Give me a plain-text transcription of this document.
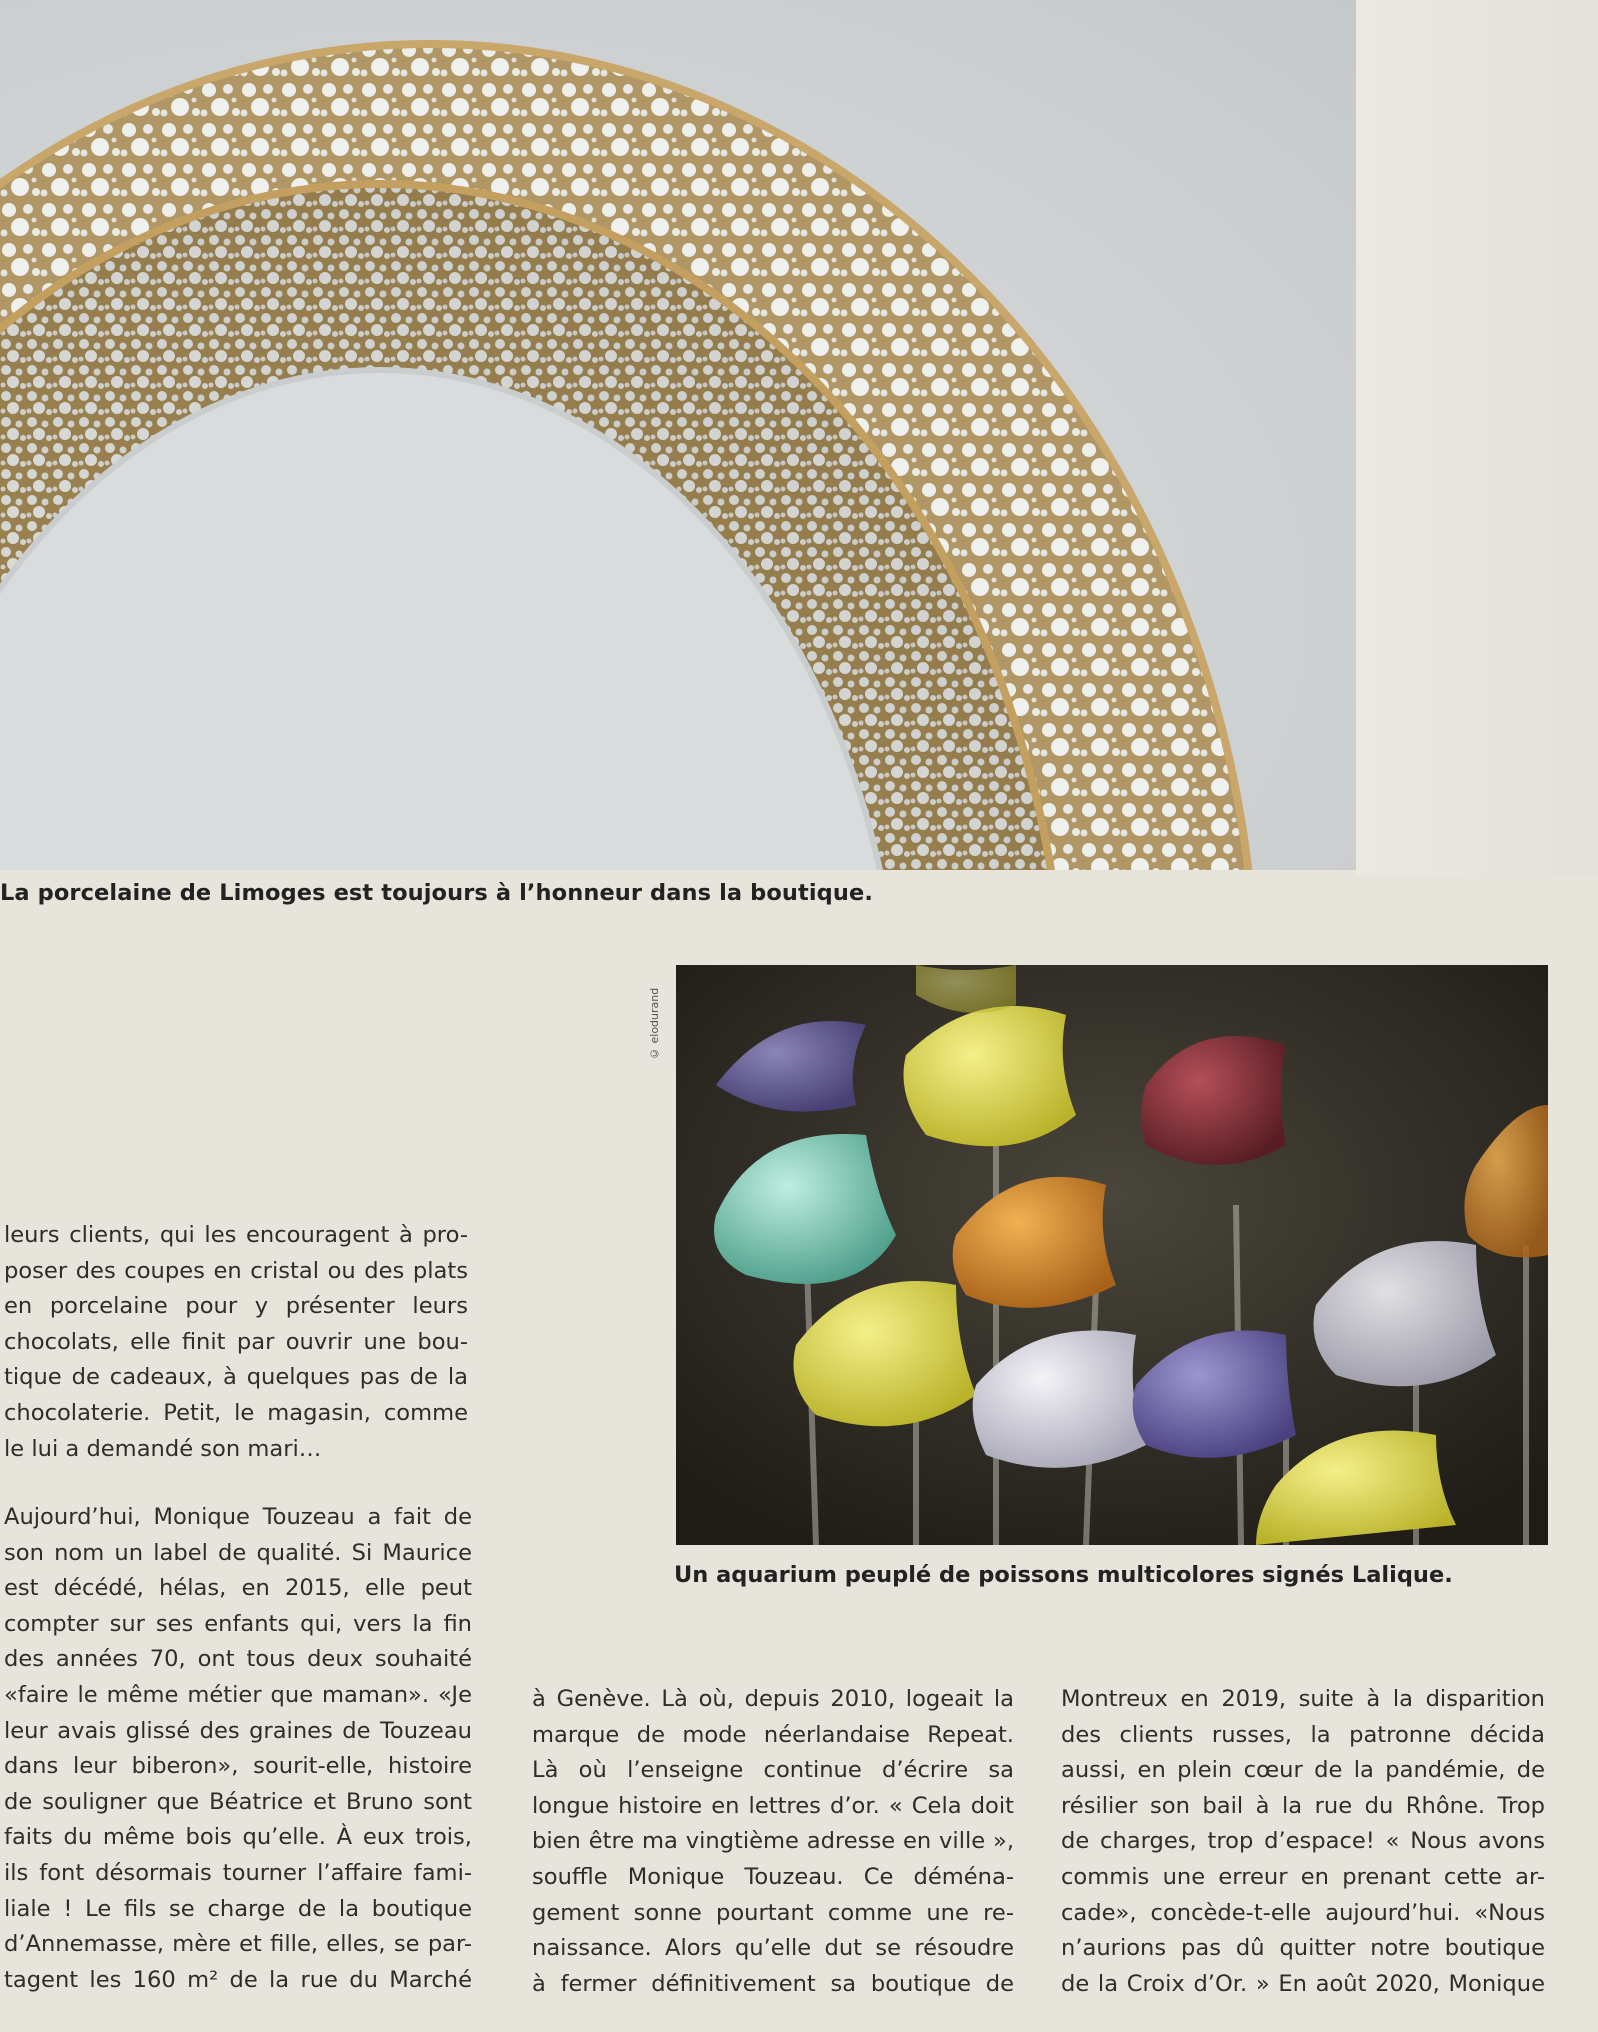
La porcelaine de Limoges est toujours à l’honneur dans la boutique.
© elodurand
Un aquarium peuplé de poissons multicolores signés Lalique.

leurs clients, qui les encouragent à pro-

poser des coupes en cristal ou des plats

en porcelaine pour y présenter leurs

chocolats, elle finit par ouvrir une bou-

tique de cadeaux, à quelques pas de la

chocolaterie. Petit, le magasin, comme

le lui a demandé son mari…

Aujourd’hui, Monique Touzeau a fait de

son nom un label de qualité. Si Maurice

est décédé, hélas, en 2015, elle peut

compter sur ses enfants qui, vers la fin

des années 70, ont tous deux souhaité

«faire le même métier que maman». «Je

leur avais glissé des graines de Touzeau

dans leur biberon», sourit-elle, histoire

de souligner que Béatrice et Bruno sont

faits du même bois qu’elle. À eux trois,

ils font désormais tourner l’affaire fami-

liale ! Le fils se charge de la boutique

d’Annemasse, mère et fille, elles, se par-

tagent les 160 m² de la rue du Marché

à Genève. Là où, depuis 2010, logeait la

marque de mode néerlandaise Repeat.

Là où l’enseigne continue d’écrire sa

longue histoire en lettres d’or. « Cela doit

bien être ma vingtième adresse en ville »,

souffle Monique Touzeau. Ce déména-

gement sonne pourtant comme une re-

naissance. Alors qu’elle dut se résoudre

à fermer définitivement sa boutique de

Montreux en 2019, suite à la disparition

des clients russes, la patronne décida

aussi, en plein cœur de la pandémie, de

résilier son bail à la rue du Rhône. Trop

de charges, trop d’espace! « Nous avons

commis une erreur en prenant cette ar-

cade», concède-t-elle aujourd’hui. «Nous

n’aurions pas dû quitter notre boutique

de la Croix d’Or. » En août 2020, Monique
